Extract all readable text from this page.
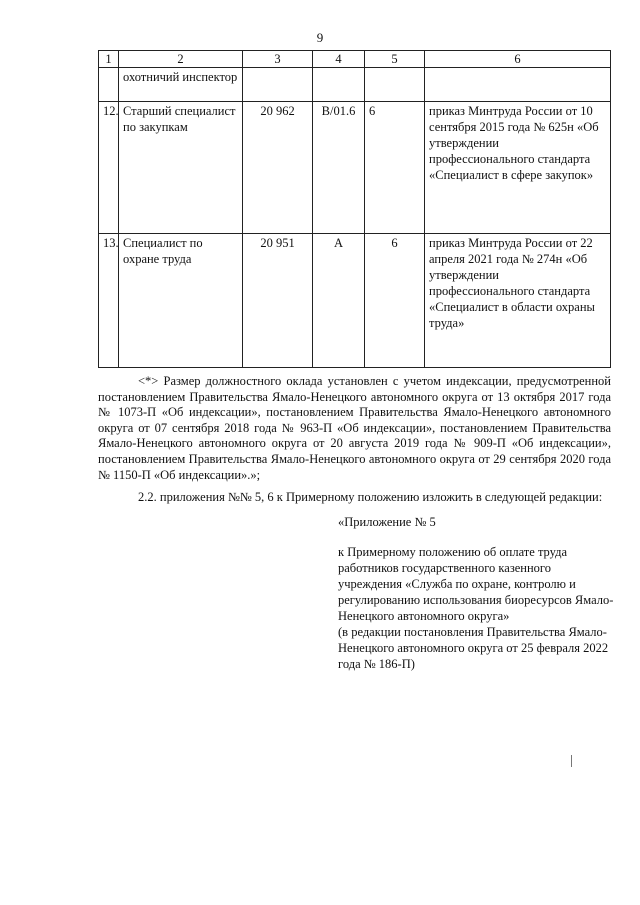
9
1	2	3	4	5	6
	охотничий инспектор				
12.	Старший специалист по закупкам	20 962	В/01.6	6	приказ Минтруда России от 10 сентября 2015 года № 625н «Об утверждении профессионального стандарта «Специалист в сфере закупок»
13.	Специалист по охране труда	20 951	А	6	приказ Минтруда России от 22 апреля 2021 года № 274н «Об утверждении профессионального стандарта «Специалист в области охраны труда»
<*> Размер должностного оклада установлен с учетом индексации, предусмотренной постановлением Правительства Ямало-Ненецкого автономного округа от 13 октября 2017 года № 1073-П «Об индексации», постановлением Правительства Ямало-Ненецкого автономного округа от 07 сентября 2018 года № 963-П «Об индексации», постановлением Правительства Ямало-Ненецкого автономного округа от 20 августа 2019 года № 909-П «Об индексации», постановлением Правительства Ямало-Ненецкого автономного округа от 29 сентября 2020 года № 1150-П «Об индексации».»;
2.2. приложения №№ 5, 6 к Примерному положению изложить в следующей редакции:
«Приложение № 5
к Примерному положению об оплате труда работников государственного казенного учреждения «Служба по охране, контролю и регулированию использования биоресурсов Ямало-Ненецкого автономного округа»
(в редакции постановления Правительства Ямало-Ненецкого автономного округа от 25 февраля 2022 года № 186-П)
